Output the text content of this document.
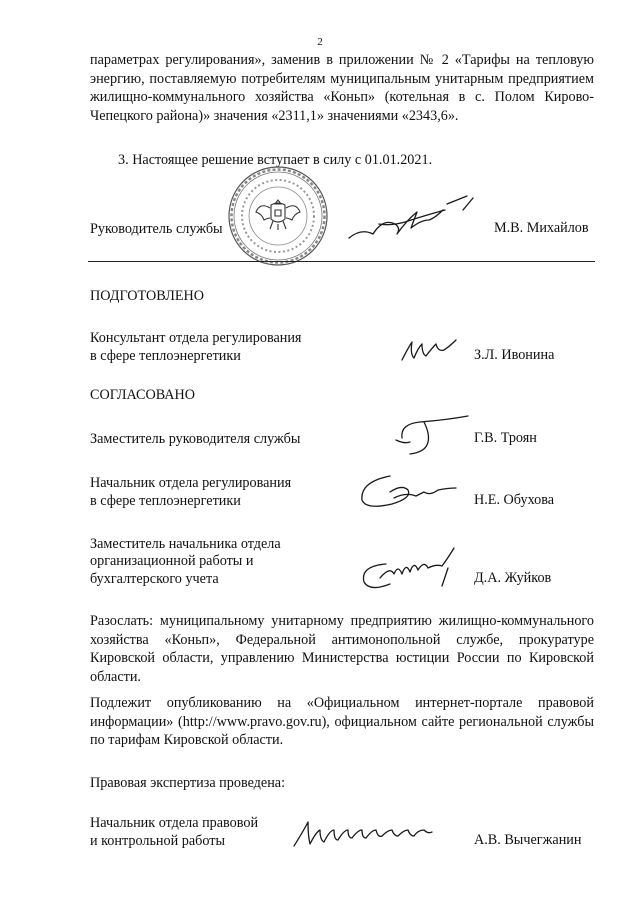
2
параметрах регулирования», заменив в приложении № 2 «Тарифы на тепловую энергию, поставляемую потребителям муниципальным унитарным предприятием жилищно-коммунального хозяйства «Коньп» (котельная в с. Полом Кирово-Чепецкого района)» значения «2311,1» значениями «2343,6».
3. Настоящее решение вступает в силу с 01.01.2021.
Руководитель службы	М.В. Михайлов
ПОДГОТОВЛЕНО
Консультант отдела регулирования
в сфере теплоэнергетики	З.Л. Ивонина
СОГЛАСОВАНО
Заместитель руководителя службы	Г.В. Троян
Начальник отдела регулирования
в сфере теплоэнергетики	Н.Е. Обухова
Заместитель начальника отдела
организационной работы и
бухгалтерского учета	Д.А. Жуйков
Разослать: муниципальному унитарному предприятию жилищно-коммунального хозяйства «Коньп», Федеральной антимонопольной службе, прокуратуре Кировской области, управлению Министерства юстиции России по Кировской области.
Подлежит опубликованию на «Официальном интернет-портале правовой информации» (http://www.pravo.gov.ru), официальном сайте региональной службы по тарифам Кировской области.
Правовая экспертиза проведена:
Начальник отдела правовой
и контрольной работы	А.В. Вычегжанин
